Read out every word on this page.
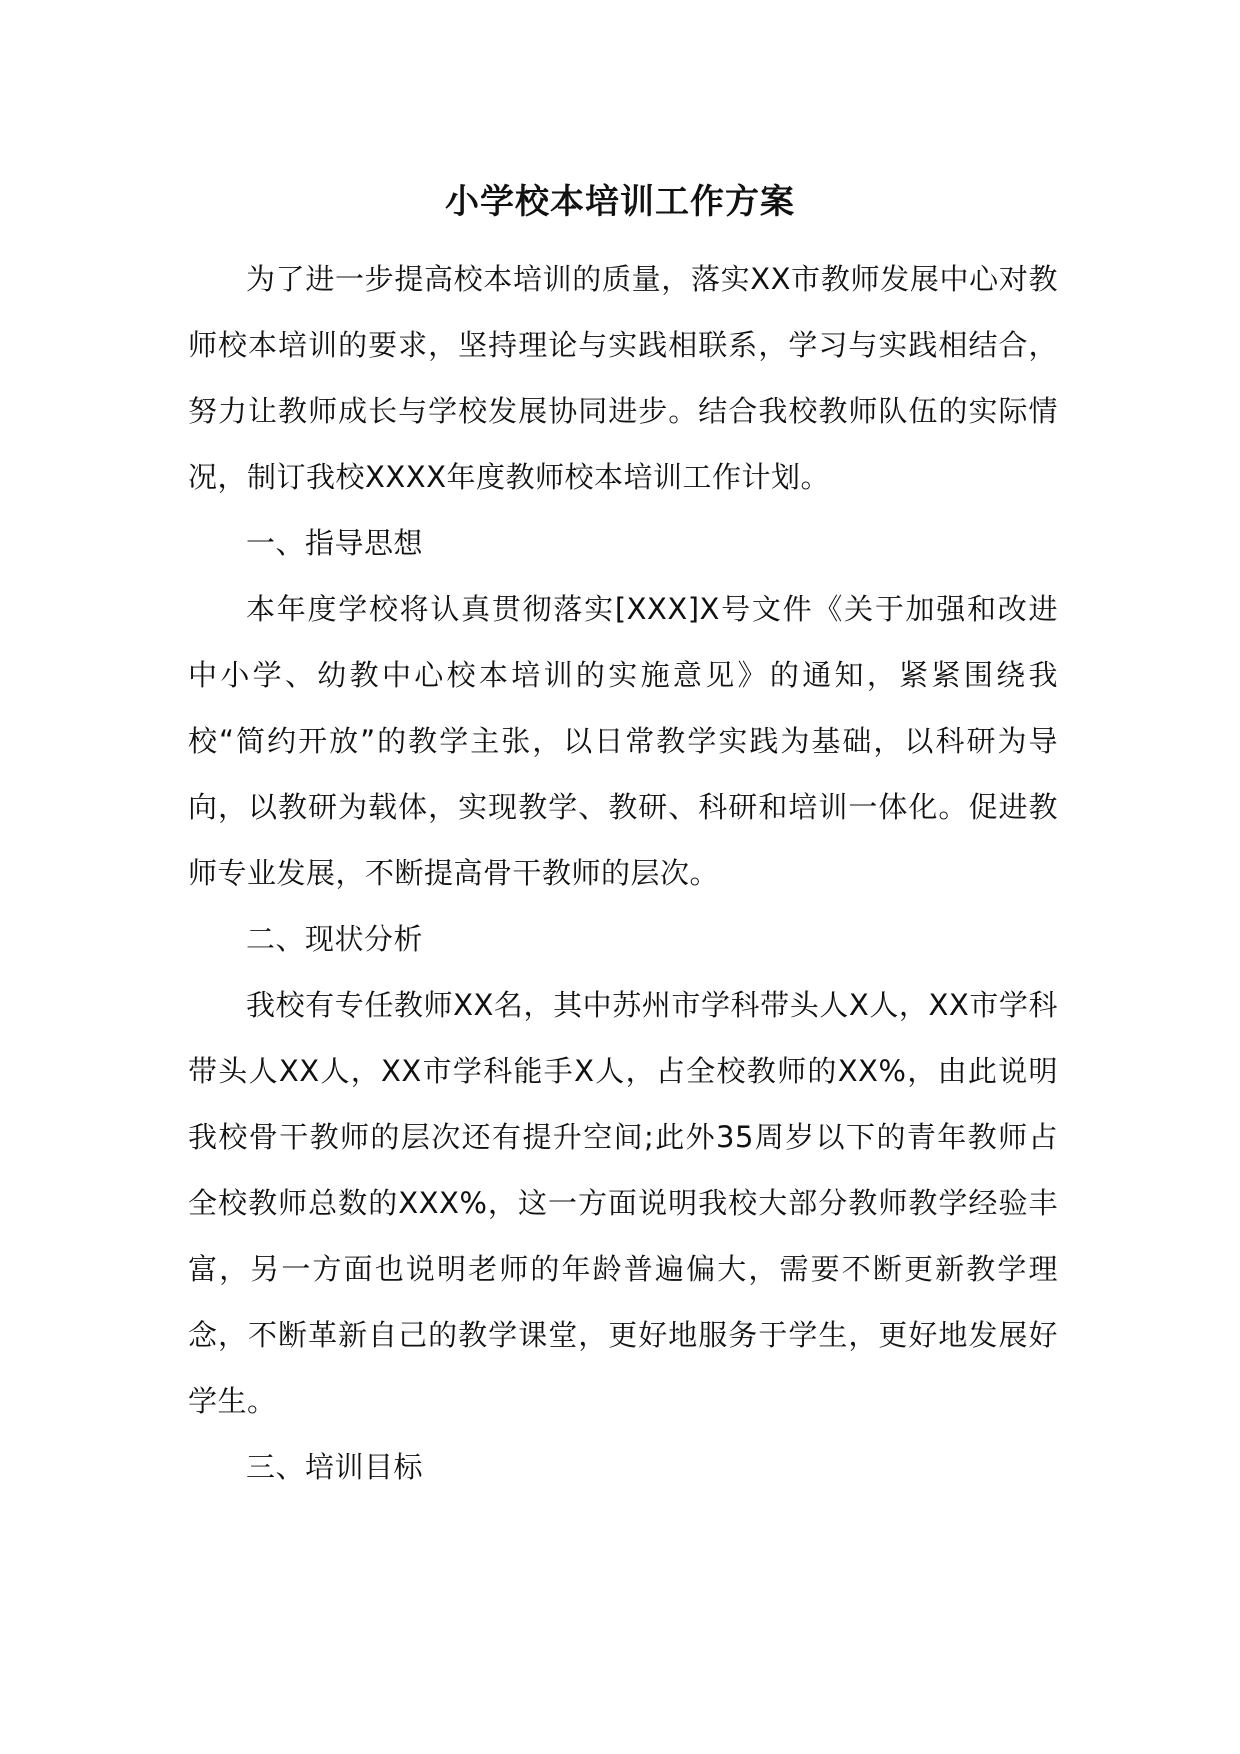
小学校本培训工作方案

为了进一步提高校本培训的质量，落实XX市教师发展中心对教师校本培训的要求，坚持理论与实践相联系，学习与实践相结合，努力让教师成长与学校发展协同进步。结合我校教师队伍的实际情况，制订我校XXXX年度教师校本培训工作计划。

一、指导思想

本年度学校将认真贯彻落实[XXX]X号文件《关于加强和改进中小学、幼教中心校本培训的实施意见》的通知，紧紧围绕我校“简约开放”的教学主张，以日常教学实践为基础，以科研为导向，以教研为载体，实现教学、教研、科研和培训一体化。促进教师专业发展，不断提高骨干教师的层次。

二、现状分析

我校有专任教师XX名，其中苏州市学科带头人X人，XX市学科带头人XX人，XX市学科能手X人，占全校教师的XX%，由此说明我校骨干教师的层次还有提升空间;此外35周岁以下的青年教师占全校教师总数的XXX%，这一方面说明我校大部分教师教学经验丰富，另一方面也说明老师的年龄普遍偏大，需要不断更新教学理念，不断革新自己的教学课堂，更好地服务于学生，更好地发展好学生。

三、培训目标
